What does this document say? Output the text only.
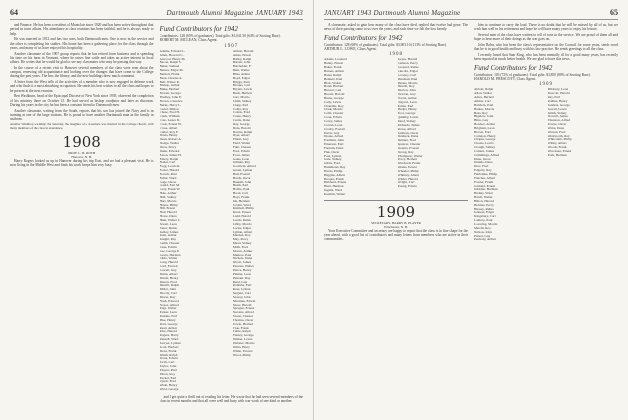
64	Dartmouth Alumni Magazine JANUARY 1943
and Finance. He has been a resident of Montclair since 1920 and has been active throughout that period in town affairs. His attendance at class reunions has been faithful, and he is always ready to help.
He was married in 1912 and has two sons, both Dartmouth men. One is now in the service and the other is completing his studies. His home has been a gathering place for the class through the years, and many of us have enjoyed his hospitality.
Another classmate of the 1907 group reports that he has retired from business and is spending his time on his farm in Vermont, where he raises fine cattle and takes an active interest in local affairs. He writes that he would be glad to see any classmates who may be passing that way.
In the course of a recent visit to Hanover several members of the class were seen about the campus, renewing old acquaintance and looking over the changes that have come to the College during the past years. The Inn, the library, and the new buildings drew much comment.
A letter from the West tells of the activities of a member who is now engaged in defense work and who finds it a most absorbing occupation. He sends his best wishes to all the class and hopes to be present at the next reunion.
Ben Washburn, head of the Episcopal Diocese of New York since 1939, observed the completion of his ministry there on October 15. He had served as bishop coadjutor and later as diocesan. During his years in the city he has been a constant friend to Dartmouth men.
Another classmate, writing from the South, reports that his son has joined the Navy and is in training at one of the large stations. He is proud to have another Dartmouth man in the family in uniform.
Another Winthrop wedding: the Saturday, the daughter of a classmate was married in the College church, with many members of the class in attendance.
1908
PROF. L. B. ROTH
Hanover, N. H.
Harry Rogers looked us up in Hanover during his trip East, and we had a pleasant visit. He is now living in the Middle West and finds his work keeps him very busy.
Fund Contributors for 1942
Contributors: 128 (65% of graduates). Total gifts: $1,041.50 (64% of Sooting Base).
ROBERT M. MCLEAN, Class Agent.
1907
Adams, Edward L.
Allen, Howard C.
Atwood, Henry M.
Bacon, Ralph S.
Baker, Samuel
Barnes, Edgar M.
Bartlett, Frank
Bean, Charles A.
Bell, Walter R.
Bishop, Arthur
Blake, Herbert
Bowen, George
Bradley, John E.
Brown, Clarence
Burke, Harry L.
Carter, Milton
Chase, Fred H.
Clark, William
Cole, Lester D.
Cook, Ernest W.
Cross, Albert
Cutler, Roy F.
Davis, Henry
Dean, Robert A.
Dodge, Walter
Drew, Percy
Dunn, Edward
Eaton, James H.
Emery, Ralph
Fisher, Carl
Fogg, Lewis R.
Foster, Harold
French, Paul
Fuller, Ward
Gage, Oscar
Gould, Earl M.
Gray, Frank W.
Hale, Arthur
Hall, Sidney
Hart, Morris
Hayes, Philip
Hill, Ernest
Holt, Harold
Howe, Dana
Hunt, Walter C.
Jewett, Leon
Jones, Rufus
Kelley, James
Kent, Arthur
Knight, Ray
Lamb, Chester
Lane, Edwin
Lee, George P.
Lewis, Herman
Little, Walter
Long, Harold
Lord, Everett
Lowell, Guy
Mann, Albert
Marsh, Henry
Mason, Fred
Merrill, Ralph
Miller, John
Moody, Carl
Morse, Ray
Nash, Edward
Noyes, Alfred
Page, Walter
Parker, Leon
Perkins, Earl
Pike, Henry
Pratt, George
Read, Arthur
Rice, Harold
Rogers, Harry
Russell, Ward
Sawyer, Lyman
Scott, Herbert
Shaw, Frank
Smith, Ralph
Stone, Edwin
Swift, Carl
Taylor, John
Thayer, Paul
Tilton, Roy
Tucker, Earl
Upton, Fred
Wade, Henry
Ward, George
Abbott, Harold
Ames, Ernest
Bailey, Ralph
Barrett, John
Batchelder, F.
Bent, Walter
Bliss, Arthur
Boyd, Edgar
Briggs, Paul
Brooks, Carl
Bryant, Lewis
Buck, Herbert
Carr, Morris
Child, Sidney
Clapp, Earl
Colby, Roy
Cotton, Fred
Crane, Henry
Curtis, Dana
Day, George
Dole, Harold
Downs, Ralph
Dyer, Albert
Elliott, Guy
Field, Walter
Flint, Chester
Ford, Edwin
Frost, James
Gates, Leon
Gilman, Ray
Goodwin, Alfred
Green, Lyman
Hall, Everett
Hardy, Oscar
Haskell, John
Heath, Earl
Hobbs, Paul
Hood, Carl
Hoyt, Frank
Ide, Herman
Jordan, Ward
Kimball, Philip
Knox, Ernest
Ladd, Harold
Leach, Rufus
Libby, Morris
Locke, Edgar
Lyman, Albert
Marden, Roy
May, Percy
Mead, Sidney
Mills, Fred
Moore, Arthur
Munroe, Paul
Nichols, Dana
Olcott, James
Parsons, Walter
Peirce, Henry
Plumer, Leon
Putnam, Ray
Reed, Guy
Robbins, Earl
Ross, Lyman
Sargent, Carl
Seavey, John
Sherman, Edwin
Snow, Harold
Sprague, Ernest
Stevens, Alfred
Sweet, Chester
Thomas, Oscar
Towle, Herbert
True, Frank
Tuttle, Ralph
Varney, George
Walker, Lewis
Webster, Morris
Wells, Harry
White, Everett
Wood, Philip
and I got quite a thrill out of reading his letter. He wrote that he had seen several members of the class in recent months and that all were well and busy with war work of one kind or another.
JANUARY 1943 Dartmouth Alumni Magazine	65
A classmate, asked to gain how many of the class have died, replied that twelve had gone. The news of their passing came to us over the years, and each time we felt the loss keenly.
Fund Contributors for 1942
Contributors: 128 (68% of graduates). Total gifts: $3,903.10 (113% of Sooting Base).
ARTHUR L. LOWE, Class Agent.
1908
Adams, Leonard
Bailey, Ernest
Baker, Frank
Barnes, Arthur
Bates, Ralph
Bennett, Paul
Blair, Walter
Bond, Herbert
Brewer, Carl
Brown, Harold
Burns, George
Cady, Lewis
Chandler, Roy
Clark, Morris
Cobb, Chester
Cook, Edwin
Corey, James
Cowan, Leon
Crosby, Everett
Davis, Guy
Doane, Alfred
Eastman, John
Emerson, Earl
Farnum, Dana
Fisk, Oscar
Foss, Lyman
Gale, Sidney
Gibbs, Fred
Hammond, Ray
Harris, Philip
Higgins, Albert
Hooper, Frank
Hubbard, Ernest
Hunt, Herman
Ingalls, Ward
Kendall, Walter
Keyes, Harold
Lamson, Percy
Leonard, Rufus
Lincoln, Edgar
Lovejoy, Carl
Marshall, Paul
Means, Morris
Morrill, Roy
Morton, John
Newton, Guy
Norris, Arthur
Osgood, Leon
Patten, Earl
Phelps, Henry
Poor, George
Quimby, Lewis
Rand, Sidney
Richards, James
Rowe, Alfred
Sanborn, Oscar
Shattuck, Dana
Skinner, Fred
Spencer, Chester
Stearns, Everett
Strong, Ray
Thompson, Walter
Tracy, Herbert
Wardwell, Frank
Weeks, Ernest
Wheeler, Philip
Whitney, Albert
Wilder, Harold
Wright, Carl
Young, Edwin
1909
SECRETARY, HARRY B. PLAYER
Winchester, N. H.
Your Executive Committee and secretary are happy to report that the class is in fine shape for the year ahead, with a good list of contributors and many letters from members who are active in their communities.
him to continue to carry the load. There is no doubt that he will be missed by all of us, but we wish him well in his retirement and hope he will have many years to enjoy his leisure.
Several men of the class have written to tell of sons in the service. We are proud of them all and hope to hear more of their doings as the war goes on.
John Bohn, who has been the class's representative on the Council for some years, sends word that he is in good health and busy with his law practice. He sends greetings to all the class.
I recently heard that Sam King, who has been mentally ill for a good many years, has recently been reported in much better health. We are glad to have this news.
Fund Contributors for 1942
Contributors: 103 (75% of graduates). Total gifts: $3,850 (80% of Sooting Base).
HAROLD M. PRESCOTT, Class Agent.
1909
Abbott, Ralph
Allen, Walter
Ames, Herbert
Atkins, Carl
Baldwin, Paul
Barker, Morris
Bass, Roy
Bigelow, John
Bliss, Guy
Bowker, Arthur
Brigham, Leon
Brown, Earl
Carleton, Henry
Chapin, George
Choate, Lewis
Clough, Sidney
Coburn, James
Cummings, Alfred
Dana, Oscar
Dennis, Dana
Dow, Fred
Edgerly, Ray
Fairbanks, Philip
Fletcher, Albert
Fowler, Frank
Garland, Ernest
Glidden, Herman
Hadley, Ward
Hatch, Walter
Hilton, Harold
Holmes, Percy
Hussey, Rufus
Jenness, Edgar
Kingsbury, Carl
Lathrop, Paul
Lovering, Morris
Merrill, Roy
Nelson, John
Parker, Guy
Peabody, Arthur
Pillsbury, Leon
Prescott, Harold
Ray, Earl
Rollins, Henry
Sanders, George
Sewall, Lewis
Smith, Sidney
Stowell, James
Thurston, Alfred
Towne, Oscar
Waite, Dana
Warren, Fred
Wentworth, Ray
Whitcomb, Philip
Willey, Albert
Woods, Frank
Worcester, Ernest
York, Herman
